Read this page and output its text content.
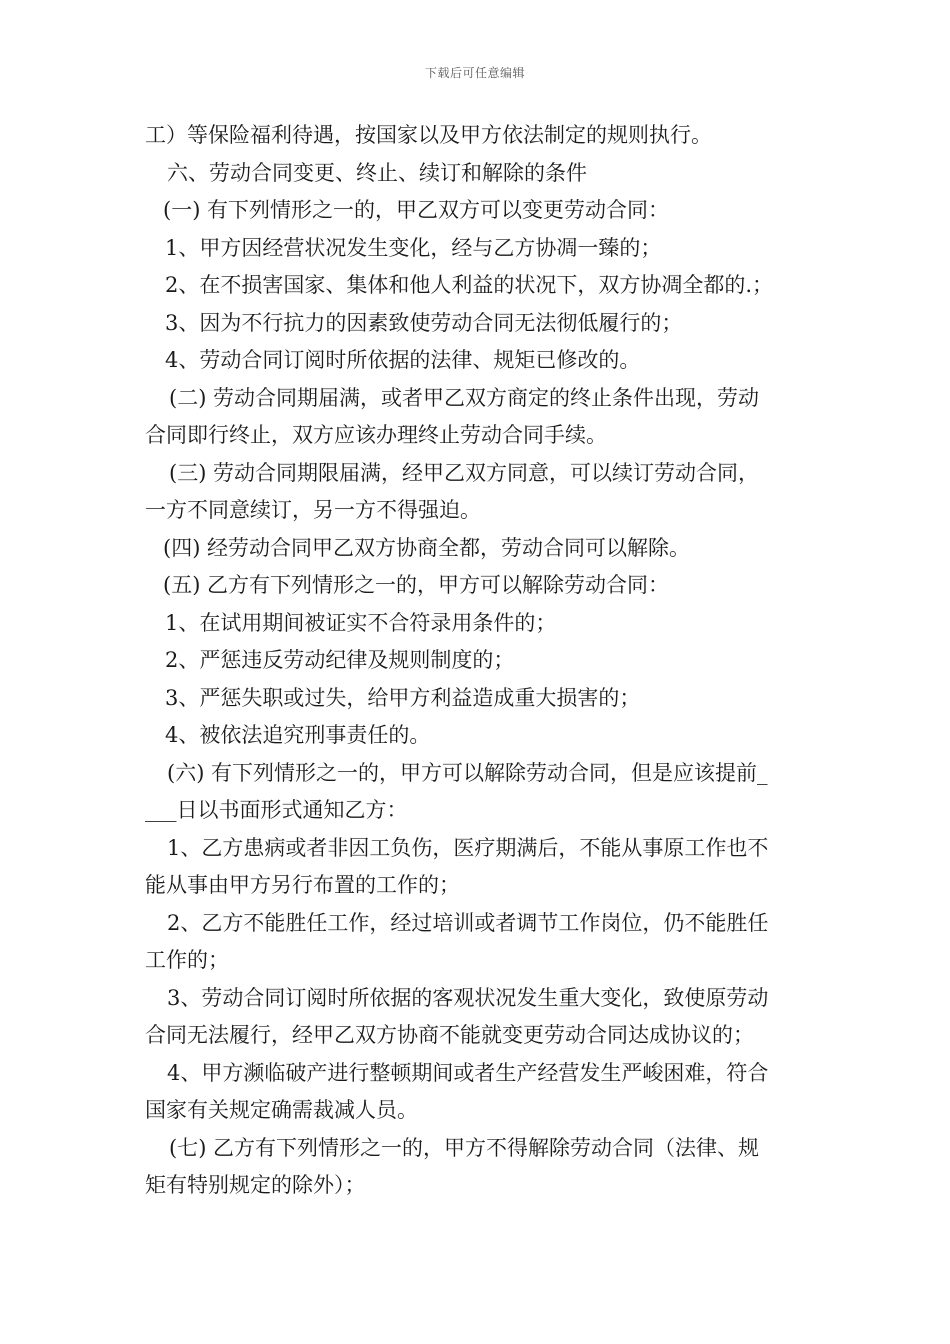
下载后可任意编辑
工）等保险福利待遇，按国家以及甲方依法制定的规则执行。
六、劳动合同变更、终止、续订和解除的条件
(一) 有下列情形之一的，甲乙双方可以变更劳动合同：
1、甲方因经营状况发生变化，经与乙方协凋一臻的；
2、在不损害国家、集体和他人利益的状况下，双方协凋全都的.；
3、因为不行抗力的因素致使劳动合同无法彻低履行的；
4、劳动合同订阅时所依据的法律、规矩已修改的。
(二) 劳动合同期届满，或者甲乙双方商定的终止条件出现，劳动
合同即行终止，双方应该办理终止劳动合同手续。
(三) 劳动合同期限届满，经甲乙双方同意，可以续订劳动合同，
一方不同意续订，另一方不得强迫。
(四) 经劳动合同甲乙双方协商全都，劳动合同可以解除。
(五) 乙方有下列情形之一的，甲方可以解除劳动合同：
1、在试用期间被证实不合符录用条件的；
2、严惩违反劳动纪律及规则制度的；
3、严惩失职或过失，给甲方利益造成重大损害的；
4、被依法追究刑事责任的。
(六) 有下列情形之一的，甲方可以解除劳动合同，但是应该提前_
___日以书面形式通知乙方：
1、乙方患病或者非因工负伤，医疗期满后，不能从事原工作也不
能从事由甲方另行布置的工作的；
2、乙方不能胜任工作，经过培训或者调节工作岗位，仍不能胜任
工作的；
3、劳动合同订阅时所依据的客观状况发生重大变化，致使原劳动
合同无法履行，经甲乙双方协商不能就变更劳动合同达成协议的；
4、甲方濒临破产进行整顿期间或者生产经营发生严峻困难，符合
国家有关规定确需裁减人员。
(七) 乙方有下列情形之一的，甲方不得解除劳动合同（法律、规
矩有特别规定的除外）；
